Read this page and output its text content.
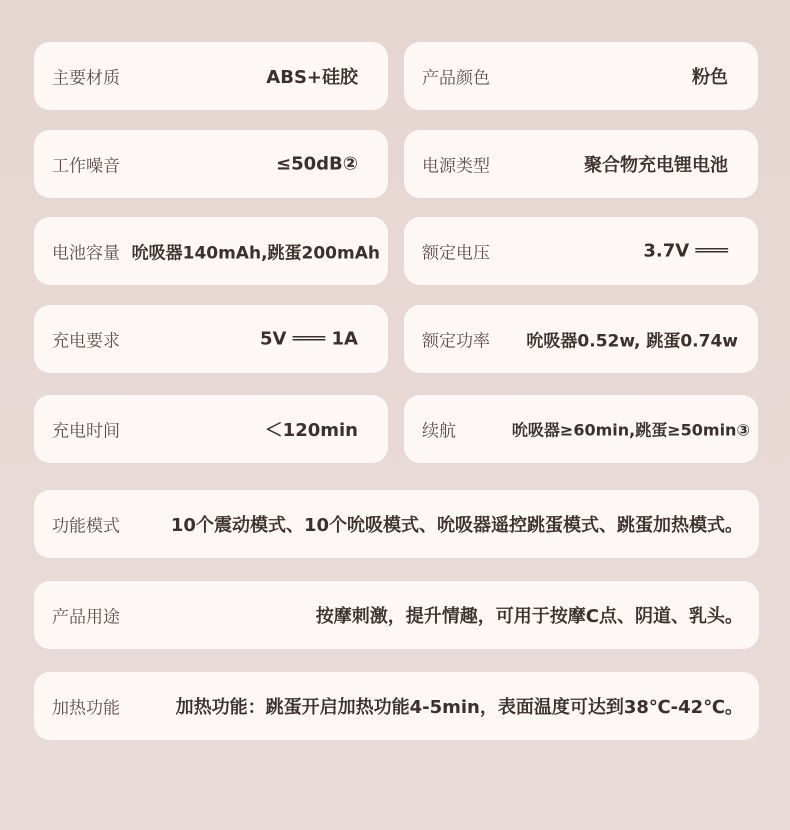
主要材质	ABS+硅胶	产品颜色	粉色
工作噪音	≤50dB②	电源类型	聚合物充电锂电池
电池容量 吮吸器140mAh,跳蛋200mAh 额定电压	3.7V ═══
充电要求	5V ═══ 1A	额定功率 吮吸器0.52w, 跳蛋0.74w
充电时间	＜120min	续航	吮吸器≥60min,跳蛋≥50min③
功能模式	10个震动模式、10个吮吸模式、吮吸器遥控跳蛋模式、跳蛋加热模式。
产品用途	按摩刺激，提升情趣，可用于按摩C点、阴道、乳头。
加热功能	加热功能：跳蛋开启加热功能4-5min，表面温度可达到38℃-42℃。
